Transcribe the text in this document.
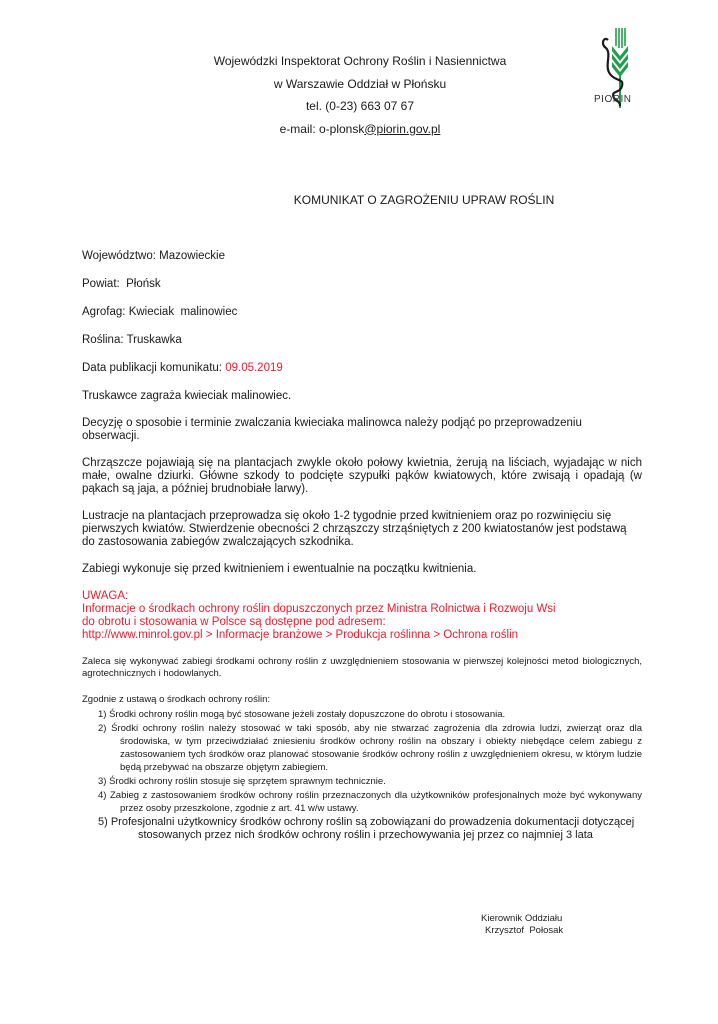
Wojewódzki Inspektorat Ochrony Roślin i Nasiennictwa
w Warszawie Oddział w Płońsku
tel. (0-23) 663 07 67
e-mail: o-plonsk@piorin.gov.pl
PIORIN
KOMUNIKAT O ZAGROŻENIU UPRAW ROŚLIN
Województwo: Mazowieckie
Powiat: Płońsk
Agrofag: Kwieciak  malinowiec
Roślina: Truskawka
Data publikacji komunikatu: 09.05.2019

Truskawce zagraża kwieciak malinowiec.

Decyzję o sposobie i terminie zwalczania kwieciaka malinowca należy podjąć po przeprowadzeniu obserwacji.

Chrząszcze pojawiają się na plantacjach zwykle około połowy kwietnia, żerują na liściach, wyjadając w nich małe, owalne dziurki. Główne szkody to podcięte szypułki pąków kwiatowych, które zwisają i opadają (w pąkach są jaja, a później brudnobiałe larwy).

Lustracje na plantacjach przeprowadza się około 1-2 tygodnie przed kwitnieniem oraz po rozwinięciu się pierwszych kwiatów. Stwierdzenie obecności 2 chrząszczy strząśniętych z 200 kwiatostanów jest podstawą do zastosowania zabiegów zwalczających szkodnika.

Zabiegi wykonuje się przed kwitnieniem i ewentualnie na początku kwitnienia.

UWAGA:
Informacje o środkach ochrony roślin dopuszczonych przez Ministra Rolnictwa i Rozwoju Wsi
do obrotu i stosowania w Polsce są dostępne pod adresem:
http://www.minrol.gov.pl > Informacje branżowe > Produkcja roślinna > Ochrona roślin

Zaleca się wykonywać zabiegi środkami ochrony roślin z uwzględnieniem stosowania w pierwszej kolejności metod biologicznych, agrotechnicznych i hodowlanych.

Zgodnie z ustawą o środkach ochrony roślin:
1) Środki ochrony roślin mogą być stosowane jeżeli zostały dopuszczone do obrotu i stosowania.
2) Środki ochrony roślin należy stosować w taki sposób, aby nie stwarzać zagrożenia dla zdrowia ludzi, zwierząt oraz dla środowiska, w tym przeciwdziałać zniesieniu środków ochrony roślin na obszary i obiekty niebędące celem zabiegu z zastosowaniem tych środków oraz planować stosowanie środków ochrony roślin z uwzględnieniem okresu, w którym ludzie będą przebywać na obszarze objętym zabiegiem.
3) Środki ochrony roślin stosuje się sprzętem sprawnym technicznie.
4) Zabieg z zastosowaniem środków ochrony roślin przeznaczonych dla użytkowników profesjonalnych może być wykonywany przez osoby przeszkolone, zgodnie z art. 41 w/w ustawy.
5) Profesjonalni użytkownicy środków ochrony roślin są zobowiązani do prowadzenia dokumentacji dotyczącej
stosowanych przez nich środków ochrony roślin i przechowywania jej przez co najmniej 3 lata
Kierownik Oddziału
Krzysztof  Połosak
